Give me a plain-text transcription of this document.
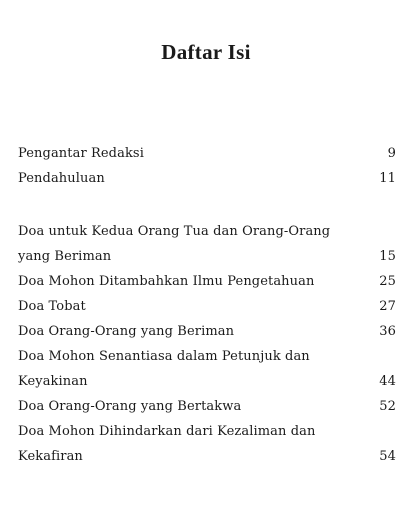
Daftar Isi
Pengantar Redaksi	9
Pendahuluan	11
Doa untuk Kedua Orang Tua dan Orang-Orang
yang Beriman	15
Doa Mohon Ditambahkan Ilmu Pengetahuan	25
Doa Tobat	27
Doa Orang-Orang yang Beriman	36
Doa Mohon Senantiasa dalam Petunjuk dan Keyakinan	44
Doa Orang-Orang yang Bertakwa	52
Doa Mohon Dihindarkan dari Kezaliman dan Kekafiran	54
